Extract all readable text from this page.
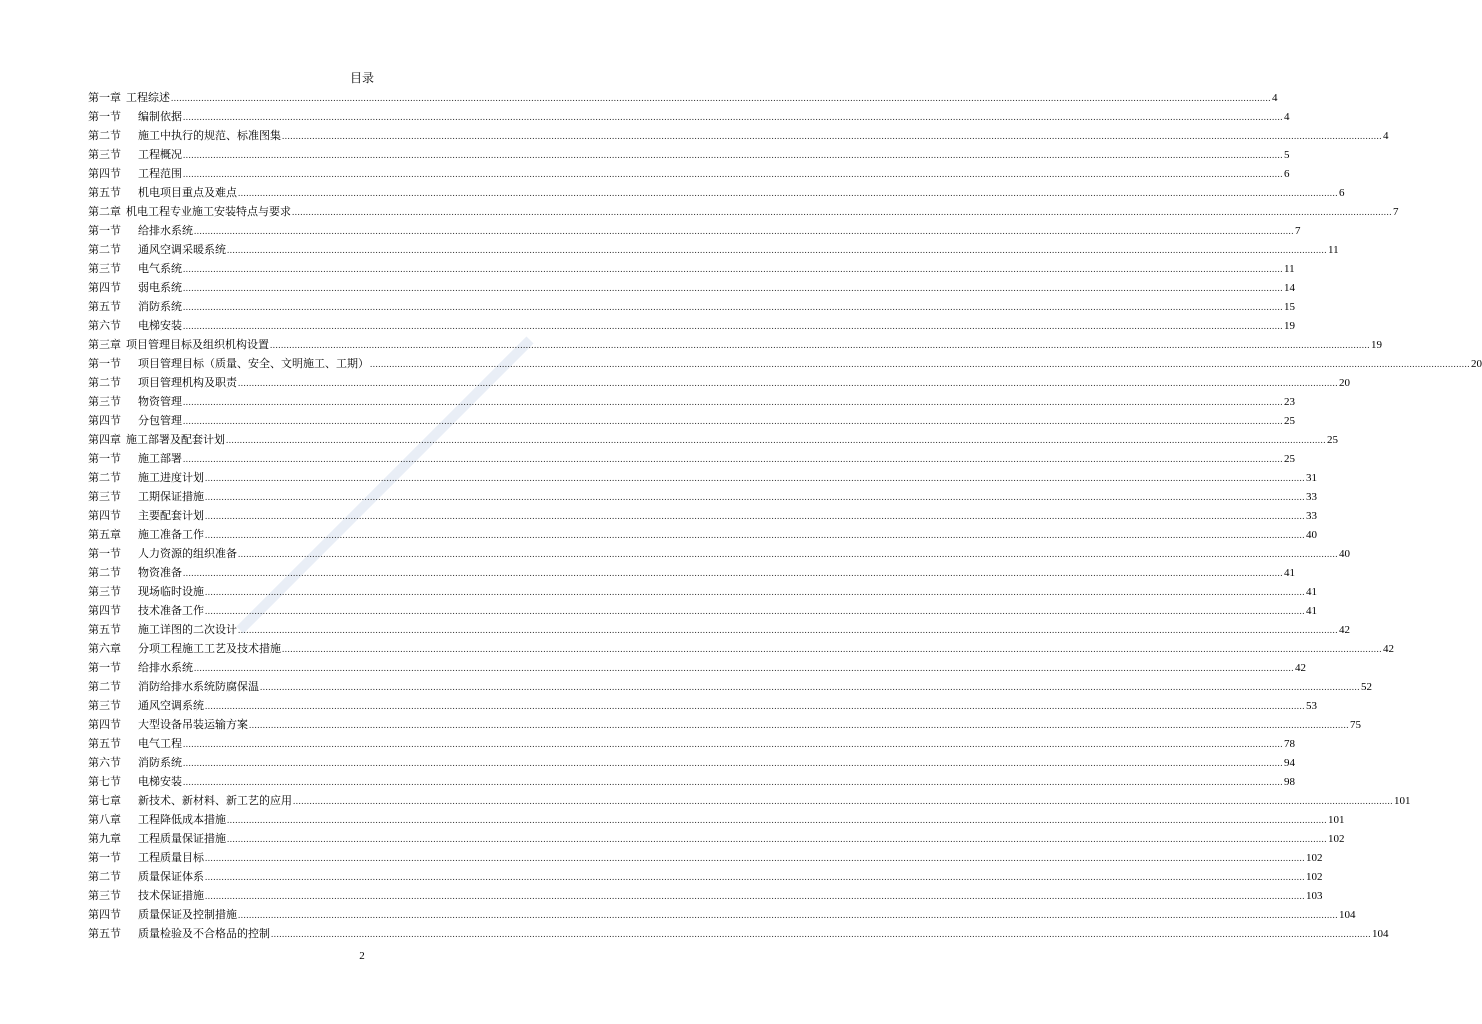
目录
第一章 工程综述 ................................................................................................................................................................................................................................................................................................................................................................................................................ 4
第一节	编制依据 ................................................................................................................................................................................................................................................................................................................................................................................................................ 4
第二节	施工中执行的规范、标准图集 ................................................................................................................................................................................................................................................................................................................................................................................................................ 4
第三节	工程概况 ................................................................................................................................................................................................................................................................................................................................................................................................................ 5
第四节	工程范围 ................................................................................................................................................................................................................................................................................................................................................................................................................ 6
第五节	机电项目重点及难点 ................................................................................................................................................................................................................................................................................................................................................................................................................ 6
第二章 机电工程专业施工安装特点与要求 ................................................................................................................................................................................................................................................................................................................................................................................................................ 7
第一节	给排水系统 ................................................................................................................................................................................................................................................................................................................................................................................................................ 7
第二节	通风空调采暖系统 ................................................................................................................................................................................................................................................................................................................................................................................................................ 11
第三节	电气系统 ................................................................................................................................................................................................................................................................................................................................................................................................................ 11
第四节	弱电系统 ................................................................................................................................................................................................................................................................................................................................................................................................................ 14
第五节	消防系统 ................................................................................................................................................................................................................................................................................................................................................................................................................ 15
第六节	电梯安装 ................................................................................................................................................................................................................................................................................................................................................................................................................ 19
第三章 项目管理目标及组织机构设置 ................................................................................................................................................................................................................................................................................................................................................................................................................ 19
第一节	项目管理目标（质量、安全、文明施工、工期） ................................................................................................................................................................................................................................................................................................................................................................................................................ 20
第二节	项目管理机构及职责 ................................................................................................................................................................................................................................................................................................................................................................................................................ 20
第三节	物资管理 ................................................................................................................................................................................................................................................................................................................................................................................................................ 23
第四节	分包管理 ................................................................................................................................................................................................................................................................................................................................................................................................................ 25
第四章 施工部署及配套计划 ................................................................................................................................................................................................................................................................................................................................................................................................................ 25
第一节	施工部署 ................................................................................................................................................................................................................................................................................................................................................................................................................ 25
第二节	施工进度计划 ................................................................................................................................................................................................................................................................................................................................................................................................................ 31
第三节	工期保证措施 ................................................................................................................................................................................................................................................................................................................................................................................................................ 33
第四节	主要配套计划 ................................................................................................................................................................................................................................................................................................................................................................................................................ 33
第五章	施工准备工作 ................................................................................................................................................................................................................................................................................................................................................................................................................ 40
第一节	人力资源的组织准备 ................................................................................................................................................................................................................................................................................................................................................................................................................ 40
第二节	物资准备 ................................................................................................................................................................................................................................................................................................................................................................................................................ 41
第三节	现场临时设施 ................................................................................................................................................................................................................................................................................................................................................................................................................ 41
第四节	技术准备工作 ................................................................................................................................................................................................................................................................................................................................................................................................................ 41
第五节	施工详图的二次设计 ................................................................................................................................................................................................................................................................................................................................................................................................................ 42
第六章	分项工程施工工艺及技术措施 ................................................................................................................................................................................................................................................................................................................................................................................................................ 42
第一节	给排水系统 ................................................................................................................................................................................................................................................................................................................................................................................................................ 42
第二节	消防给排水系统防腐保温 ................................................................................................................................................................................................................................................................................................................................................................................................................ 52
第三节	通风空调系统 ................................................................................................................................................................................................................................................................................................................................................................................................................ 53
第四节	大型设备吊装运输方案 ................................................................................................................................................................................................................................................................................................................................................................................................................ 75
第五节	电气工程 ................................................................................................................................................................................................................................................................................................................................................................................................................ 78
第六节	消防系统 ................................................................................................................................................................................................................................................................................................................................................................................................................ 94
第七节	电梯安装 ................................................................................................................................................................................................................................................................................................................................................................................................................ 98
第七章	新技术、新材料、新工艺的应用 ................................................................................................................................................................................................................................................................................................................................................................................................................ 101
第八章	工程降低成本措施 ................................................................................................................................................................................................................................................................................................................................................................................................................ 101
第九章	工程质量保证措施 ................................................................................................................................................................................................................................................................................................................................................................................................................ 102
第一节	工程质量目标 ................................................................................................................................................................................................................................................................................................................................................................................................................ 102
第二节	质量保证体系 ................................................................................................................................................................................................................................................................................................................................................................................................................ 102
第三节	技术保证措施 ................................................................................................................................................................................................................................................................................................................................................................................................................ 103
第四节	质量保证及控制措施 ................................................................................................................................................................................................................................................................................................................................................................................................................ 104
第五节	质量检验及不合格品的控制 ................................................................................................................................................................................................................................................................................................................................................................................................................ 104
2
